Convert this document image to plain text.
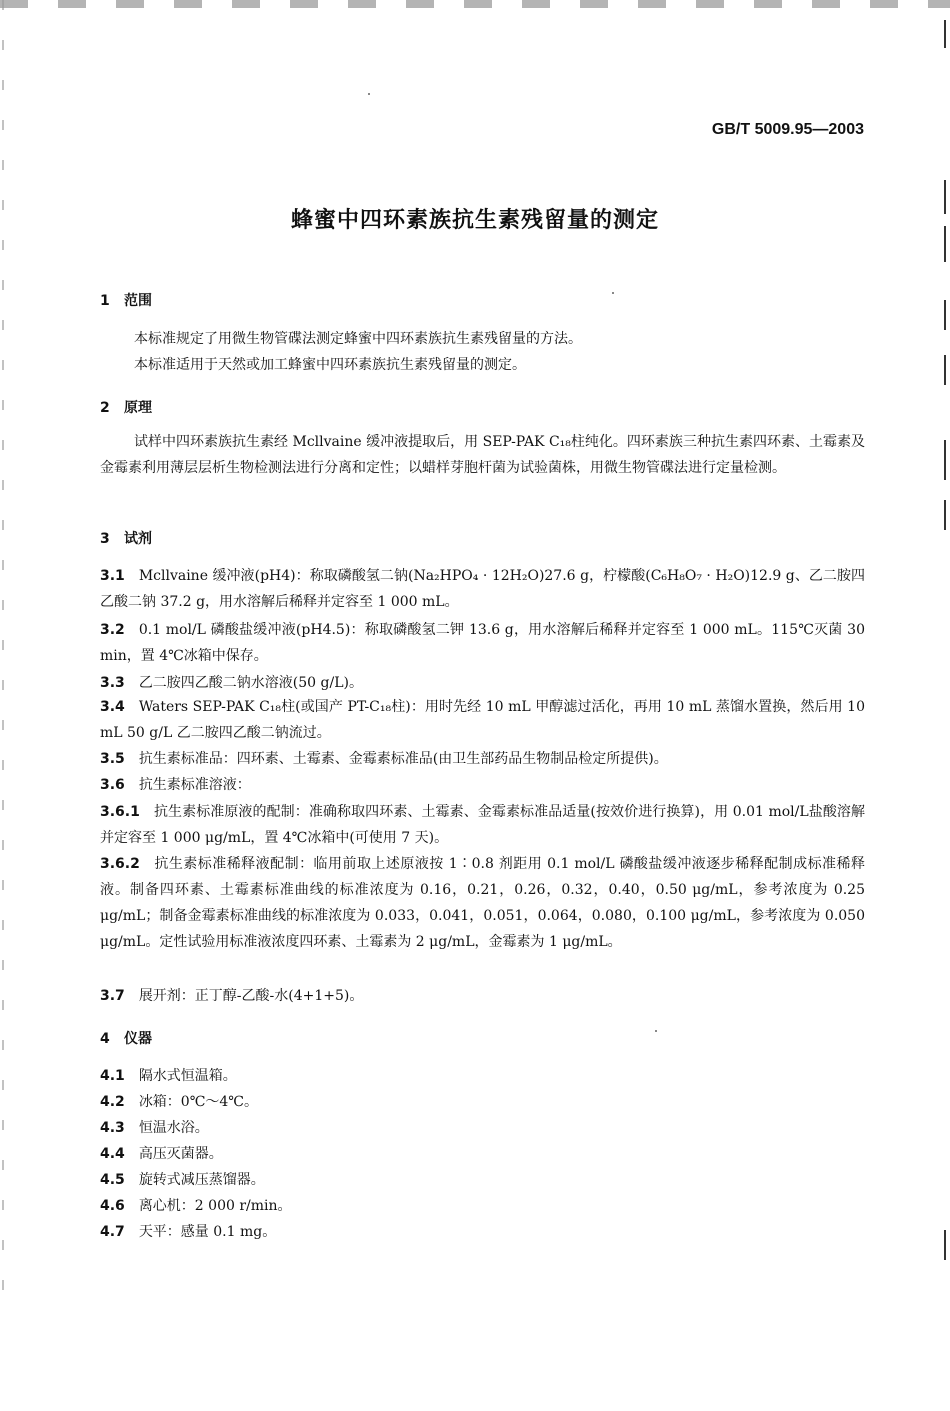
GB/T 5009.95—2003
蜂蜜中四环素族抗生素残留量的测定
1 范围
本标准规定了用微生物管碟法测定蜂蜜中四环素族抗生素残留量的方法。
本标准适用于天然或加工蜂蜜中四环素族抗生素残留量的测定。
2 原理
试样中四环素族抗生素经 Mcllvaine 缓冲液提取后，用 SEP-PAK C₁₈柱纯化。四环素族三种抗生素四环素、土霉素及金霉素利用薄层层析生物检测法进行分离和定性；以蜡样芽胞杆菌为试验菌株，用微生物管碟法进行定量检测。
3 试剂
3.1 Mcllvaine 缓冲液(pH4)：称取磷酸氢二钠(Na₂HPO₄ · 12H₂O)27.6 g，柠檬酸(C₆H₈O₇ · H₂O)12.9 g、乙二胺四乙酸二钠 37.2 g，用水溶解后稀释并定容至 1 000 mL。
3.2 0.1 mol/L 磷酸盐缓冲液(pH4.5)：称取磷酸氢二钾 13.6 g，用水溶解后稀释并定容至 1 000 mL。115℃灭菌 30 min，置 4℃冰箱中保存。
3.3 乙二胺四乙酸二钠水溶液(50 g/L)。
3.4 Waters SEP-PAK C₁₈柱(或国产 PT-C₁₈柱)：用时先经 10 mL 甲醇滤过活化，再用 10 mL 蒸馏水置换，然后用 10 mL 50 g/L 乙二胺四乙酸二钠流过。
3.5 抗生素标准品：四环素、土霉素、金霉素标准品(由卫生部药品生物制品检定所提供)。
3.6 抗生素标准溶液：
3.6.1 抗生素标准原液的配制：准确称取四环素、土霉素、金霉素标准品适量(按效价进行换算)，用 0.01 mol/L盐酸溶解并定容至 1 000 μg/mL，置 4℃冰箱中(可使用 7 天)。
3.6.2 抗生素标准稀释液配制：临用前取上述原液按 1∶0.8 剂距用 0.1 mol/L 磷酸盐缓冲液逐步稀释配制成标准稀释液。制备四环素、土霉素标准曲线的标准浓度为 0.16，0.21，0.26，0.32，0.40，0.50 μg/mL，参考浓度为 0.25 μg/mL；制备金霉素标准曲线的标准浓度为 0.033，0.041，0.051，0.064，0.080，0.100 μg/mL，参考浓度为 0.050 μg/mL。定性试验用标准液浓度四环素、土霉素为 2 μg/mL，金霉素为 1 μg/mL。
3.7 展开剂：正丁醇-乙酸-水(4+1+5)。
4 仪器
4.1 隔水式恒温箱。
4.2 冰箱：0℃～4℃。
4.3 恒温水浴。
4.4 高压灭菌器。
4.5 旋转式减压蒸馏器。
4.6 离心机：2 000 r/min。
4.7 天平：感量 0.1 mg。
